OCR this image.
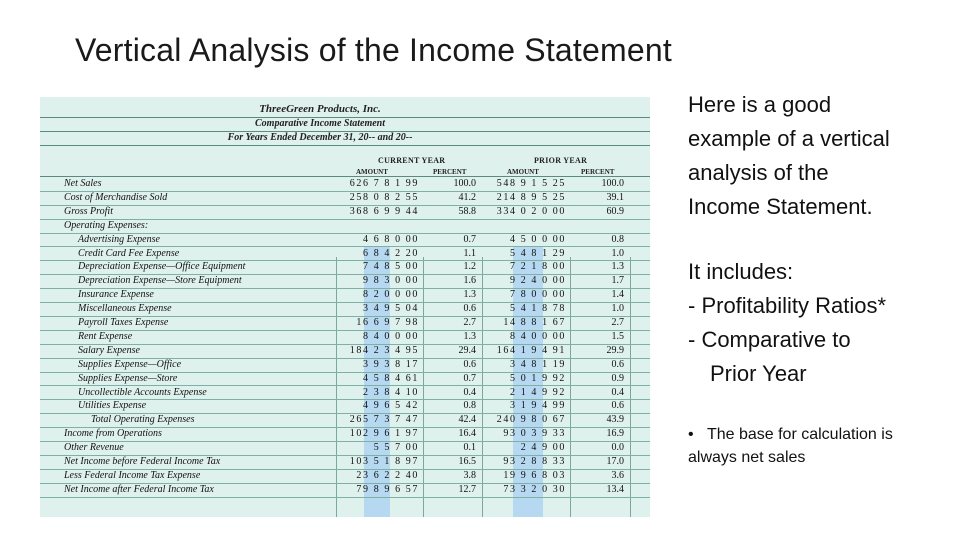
Vertical Analysis of the Income Statement
ThreeGreen Products, Inc.
Comparative Income Statement
For Years Ended December 31, 20-- and 20--
CURRENT YEAR	PRIOR YEAR
AMOUNT	PERCENT	AMOUNT	PERCENT
Net Sales	626 7 8 1 99	100.0	548 9 1 5 25	100.0
Cost of Merchandise Sold	258 0 8 2 55	41.2	214 8 9 5 25	39.1
Gross Profit	368 6 9 9 44	58.8	334 0 2 0 00	60.9
Operating Expenses:
Advertising Expense	4 6 8 0 00	0.7	4 5 0 0 00	0.8
Credit Card Fee Expense	6 8 4 2 20	1.1	5 4 8 1 29	1.0
Depreciation Expense—Office Equipment	7 4 8 5 00	1.2	7 2 1 8 00	1.3
Depreciation Expense—Store Equipment	9 8 3 0 00	1.6	9 2 4 0 00	1.7
Insurance Expense	8 2 0 0 00	1.3	7 8 0 0 00	1.4
Miscellaneous Expense	3 4 9 5 04	0.6	5 4 1 8 78	1.0
Payroll Taxes Expense	16 6 9 7 98	2.7	14 8 8 1 67	2.7
Rent Expense	8 4 0 0 00	1.3	8 4 0 0 00	1.5
Salary Expense	184 2 3 4 95	29.4	164 1 9 4 91	29.9
Supplies Expense—Office	3 9 3 8 17	0.6	3 4 8 1 19	0.6
Supplies Expense—Store	4 5 8 4 61	0.7	5 0 1 9 92	0.9
Uncollectible Accounts Expense	2 3 8 4 10	0.4	2 1 4 9 92	0.4
Utilities Expense	4 9 6 5 42	0.8	3 1 9 4 99	0.6
Total Operating Expenses	265 7 3 7 47	42.4	240 9 8 0 67	43.9
Income from Operations	102 9 6 1 97	16.4	93 0 3 9 33	16.9
Other Revenue	5 5 7 00	0.1	2 4 9 00	0.0
Net Income before Federal Income Tax	103 5 1 8 97	16.5	93 2 8 8 33	17.0
Less Federal Income Tax Expense	23 6 2 2 40	3.8	19 9 6 8 03	3.6
Net Income after Federal Income Tax	79 8 9 6 57	12.7	73 3 2 0 30	13.4
Here is a good
example of a vertical
analysis of the
Income Statement.
It includes:
- Profitability Ratios*
- Comparative to
Prior Year
• The base for calculation is
always net sales
